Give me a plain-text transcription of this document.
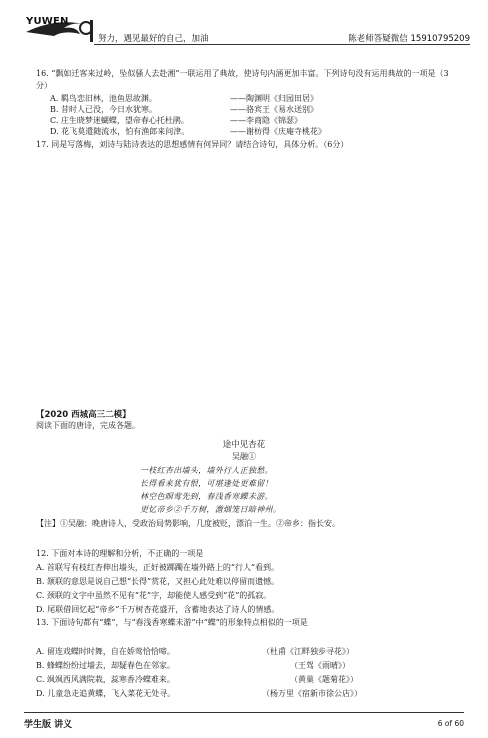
YUWEN
努力，遇见最好的自己，加油	陈老师答疑微信 15910795209
16. “飘如迁客来过岭，坠似骚人去赴湘”一联运用了典故，使诗句内涵更加丰富。下列诗句没有运用典故的一项是（3分）
A. 羁鸟恋旧林，池鱼思故渊。	——陶渊明《归园田居》
B. 昔时人已没，今日水犹寒。	——骆宾王《易水送别》
C. 庄生晓梦迷蝴蝶，望帝春心托杜鹃。	——李商隐《锦瑟》
D. 花飞莫遣随流水，怕有渔郎来问津。	——谢枋得《庆庵寺桃花》
17. 同是写落梅，刘诗与陆诗表达的思想感情有何异同？请结合诗句，具体分析。（6分）
【2020 西城高三二模】
阅读下面的唐诗，完成各题。
途中见杏花
吴融①
一枝红杏出墙头，墙外行人正独愁。
长得看来犹有恨，可堪逢处更难留！
林空色暝莺先到，春浅香寒蝶未游。
更忆帝乡②千万树，澹烟笼日暗神州。
【注】①吴融：晚唐诗人，受政治局势影响，几度被贬，漂泊一生。②帝乡：指长安。
12. 下面对本诗的理解和分析，不正确的一项是
A. 首联写有枝红杏伸出墙头，正好被踯躅在墙外路上的“行人”看到。
B. 颔联的意思是说自己想“长得”赏花，又担心此处难以停留而遗憾。
C. 颈联的文字中虽然不见有“花”字，却能使人感受到“花”的孤寂。
D. 尾联借回忆起“帝乡”千万树杏花盛开，含蓄地表达了诗人的情感。
13. 下面诗句都有“蝶”，与“春浅香寒蝶未游”中“蝶”的形象特点相似的一项是
A. 留连戏蝶时时舞，自在娇莺恰恰啼。	（杜甫《江畔独步寻花》）
B. 蜂蝶纷纷过墙去，却疑春色在邻家。	（王驾《雨晴》）
C. 飒飒西风满院栽，蕊寒香冷蝶难来。	（黄巢《题菊花》）
D. 儿童急走追黄蝶，飞入菜花无处寻。	（杨万里《宿新市徐公店》）
学生版 讲义	6 of 60
